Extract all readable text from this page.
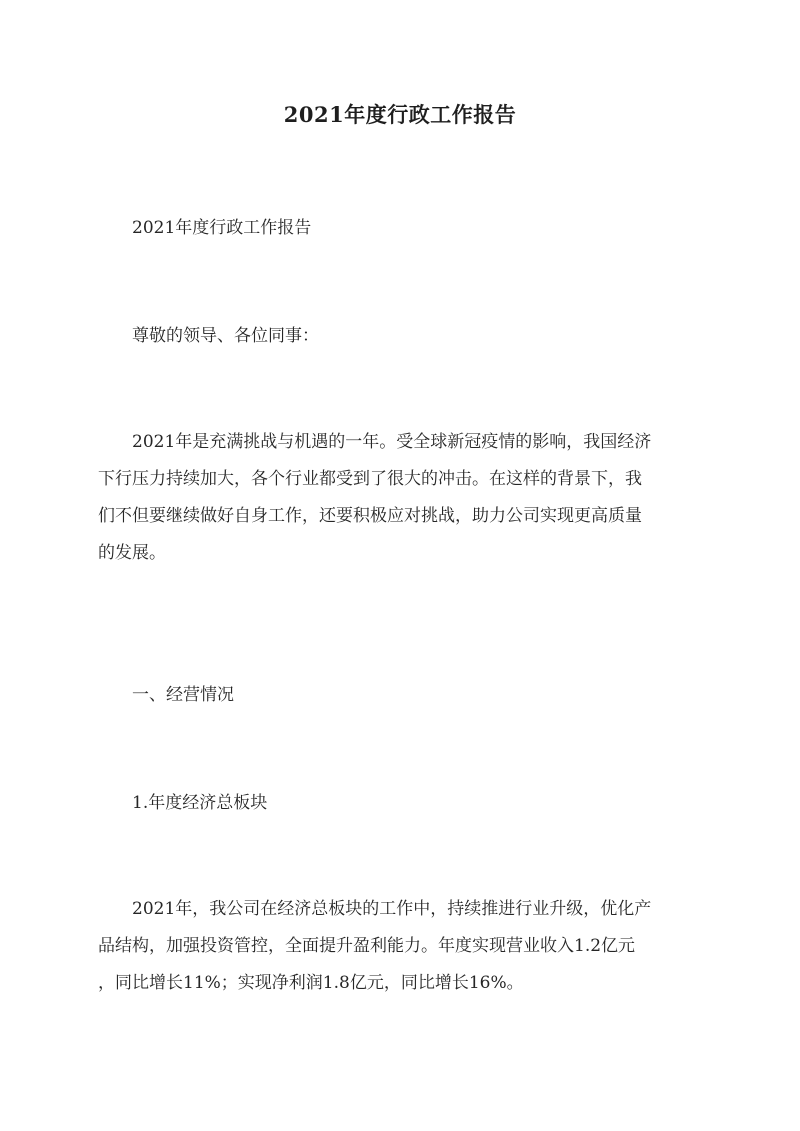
2021年度行政工作报告

2021年度行政工作报告

尊敬的领导、各位同事：

2021年是充满挑战与机遇的一年。受全球新冠疫情的影响，我国经济
下行压力持续加大，各个行业都受到了很大的冲击。在这样的背景下，我
们不但要继续做好自身工作，还要积极应对挑战，助力公司实现更高质量
的发展。

一、经营情况

1.年度经济总板块

2021年，我公司在经济总板块的工作中，持续推进行业升级，优化产
品结构，加强投资管控，全面提升盈利能力。年度实现营业收入1.2亿元
，同比增长11%；实现净利润1.8亿元，同比增长16%。
